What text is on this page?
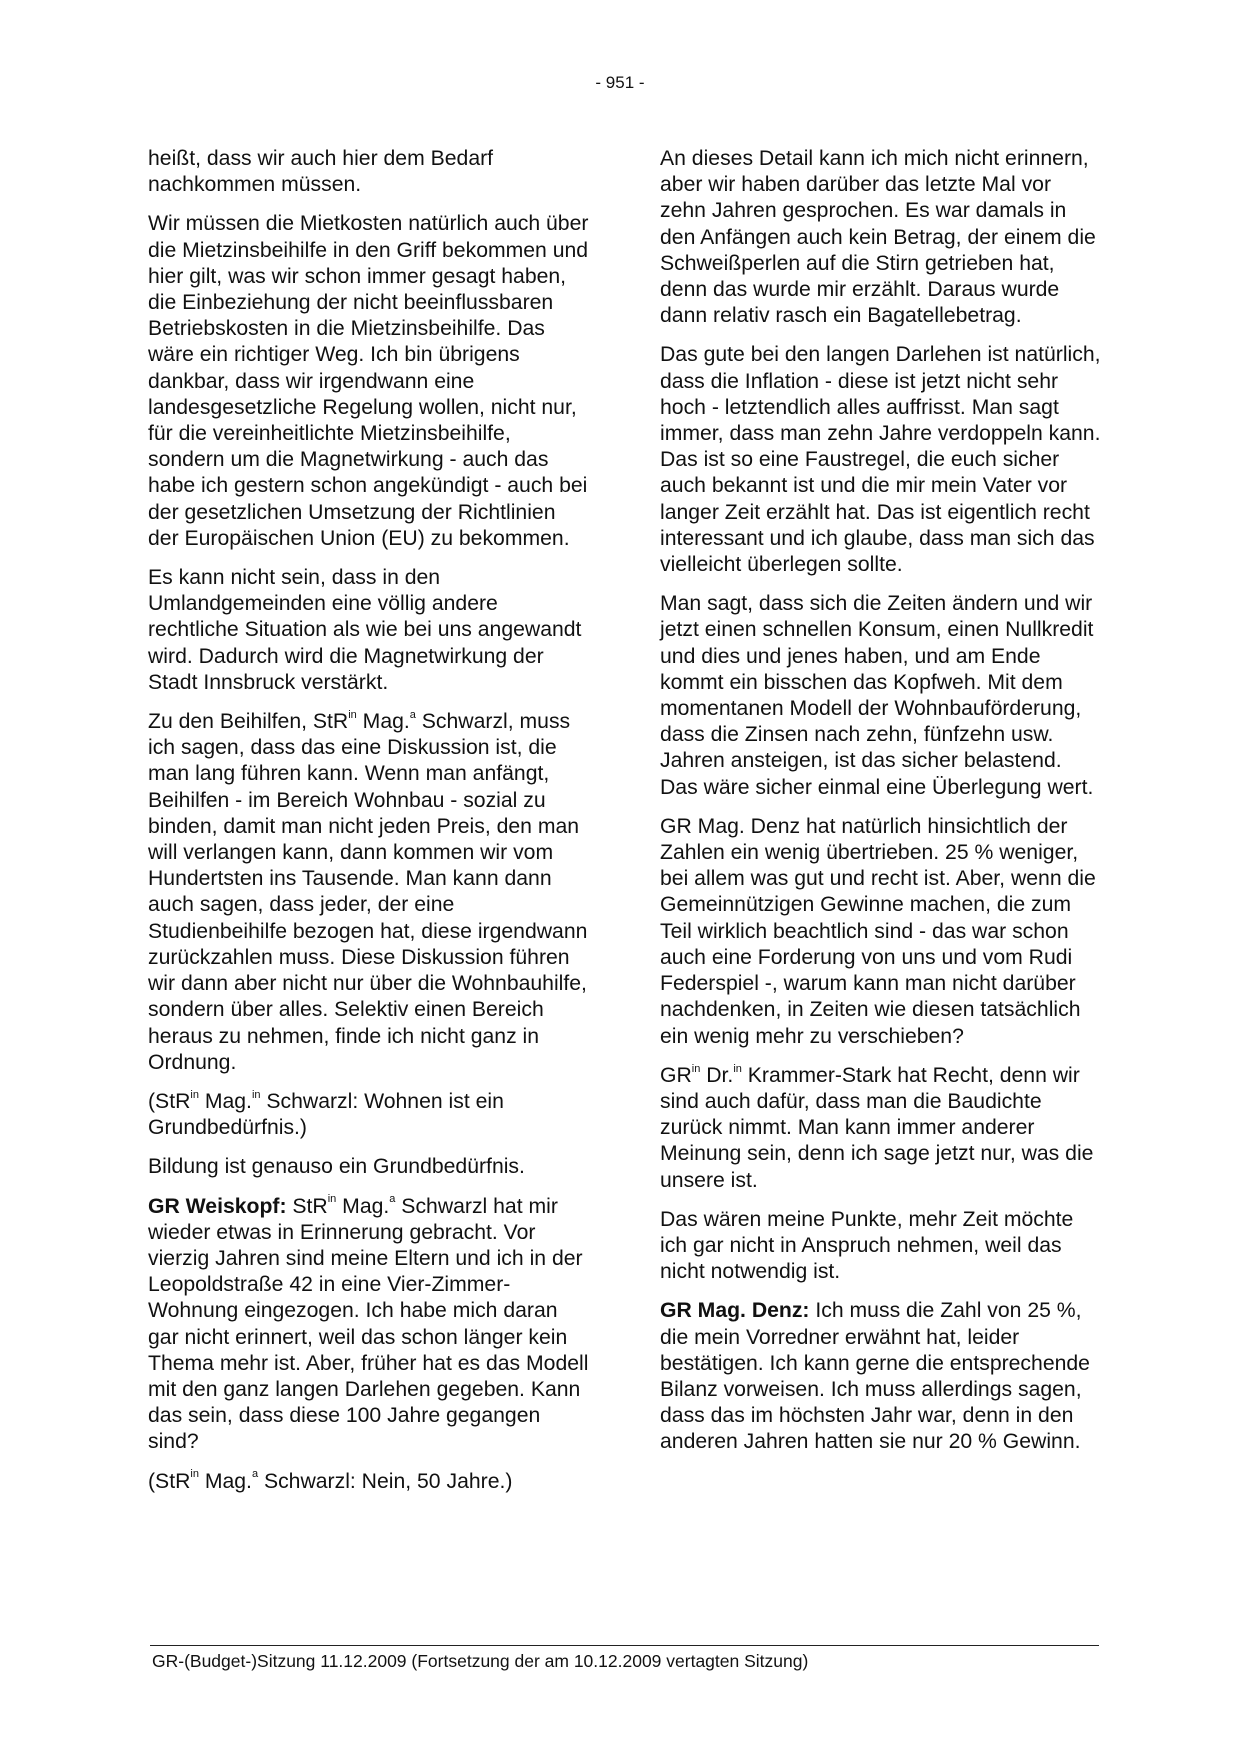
- 951 -

heißt, dass wir auch hier dem Bedarf nachkommen müssen.

Wir müssen die Mietkosten natürlich auch über die Mietzinsbeihilfe in den Griff bekommen und hier gilt, was wir schon immer gesagt haben, die Einbeziehung der nicht beeinflussbaren Betriebskosten in die Mietzinsbeihilfe. Das wäre ein richtiger Weg. Ich bin übrigens dankbar, dass wir irgendwann eine landesgesetzliche Regelung wollen, nicht nur, für die vereinheitlichte Mietzinsbeihilfe, sondern um die Magnetwirkung - auch das habe ich gestern schon angekündigt - auch bei der gesetzlichen Umsetzung der Richtlinien der Europäischen Union (EU) zu bekommen.

Es kann nicht sein, dass in den Umlandgemeinden eine völlig andere rechtliche Situation als wie bei uns angewandt wird. Dadurch wird die Magnetwirkung der Stadt Innsbruck verstärkt.

Zu den Beihilfen, StR$^{in}$ Mag.$^a$ Schwarzl, muss ich sagen, dass das eine Diskussion ist, die man lang führen kann. Wenn man anfängt, Beihilfen - im Bereich Wohnbau - sozial zu binden, damit man nicht jeden Preis, den man will verlangen kann, dann kommen wir vom Hundertsten ins Tausende. Man kann dann auch sagen, dass jeder, der eine Studienbeihilfe bezogen hat, diese irgendwann zurückzahlen muss. Diese Diskussion führen wir dann aber nicht nur über die Wohnbauhilfe, sondern über alles. Selektiv einen Bereich heraus zu nehmen, finde ich nicht ganz in Ordnung.

(StR$^{in}$ Mag.$^{in}$ Schwarzl: Wohnen ist ein Grundbedürfnis.)

Bildung ist genauso ein Grundbedürfnis.

GR Weiskopf: StR$^{in}$ Mag.$^a$ Schwarzl hat mir wieder etwas in Erinnerung gebracht. Vor vierzig Jahren sind meine Eltern und ich in der Leopoldstraße 42 in eine Vier-Zimmer-Wohnung eingezogen. Ich habe mich daran gar nicht erinnert, weil das schon länger kein Thema mehr ist. Aber, früher hat es das Modell mit den ganz langen Darlehen gegeben. Kann das sein, dass diese 100 Jahre gegangen sind?

(StR$^{in}$ Mag.$^a$ Schwarzl: Nein, 50 Jahre.)

An dieses Detail kann ich mich nicht erinnern, aber wir haben darüber das letzte Mal vor zehn Jahren gesprochen. Es war damals in den Anfängen auch kein Betrag, der einem die Schweißperlen auf die Stirn getrieben hat, denn das wurde mir erzählt. Daraus wurde dann relativ rasch ein Bagatellebetrag.

Das gute bei den langen Darlehen ist natürlich, dass die Inflation - diese ist jetzt nicht sehr hoch - letztendlich alles auffrisst. Man sagt immer, dass man zehn Jahre verdoppeln kann. Das ist so eine Faustregel, die euch sicher auch bekannt ist und die mir mein Vater vor langer Zeit erzählt hat. Das ist eigentlich recht interessant und ich glaube, dass man sich das vielleicht überlegen sollte.

Man sagt, dass sich die Zeiten ändern und wir jetzt einen schnellen Konsum, einen Nullkredit und dies und jenes haben, und am Ende kommt ein bisschen das Kopfweh. Mit dem momentanen Modell der Wohnbauförderung, dass die Zinsen nach zehn, fünfzehn usw. Jahren ansteigen, ist das sicher belastend. Das wäre sicher einmal eine Überlegung wert.

GR Mag. Denz hat natürlich hinsichtlich der Zahlen ein wenig übertrieben. 25 % weniger, bei allem was gut und recht ist. Aber, wenn die Gemeinnützigen Gewinne machen, die zum Teil wirklich beachtlich sind - das war schon auch eine Forderung von uns und vom Rudi Federspiel -, warum kann man nicht darüber nachdenken, in Zeiten wie diesen tatsächlich ein wenig mehr zu verschieben?

$GR^{in}$ Dr.$^{in}$ Krammer-Stark hat Recht, denn wir sind auch dafür, dass man die Baudichte zurück nimmt. Man kann immer anderer Meinung sein, denn ich sage jetzt nur, was die unsere ist.

Das wären meine Punkte, mehr Zeit möchte ich gar nicht in Anspruch nehmen, weil das nicht notwendig ist.

GR Mag. Denz: Ich muss die Zahl von 25 %, die mein Vorredner erwähnt hat, leider bestätigen. Ich kann gerne die entsprechende Bilanz vorweisen. Ich muss allerdings sagen, dass das im höchsten Jahr war, denn in den anderen Jahren hatten sie nur 20 % Gewinn.

GR-(Budget-)Sitzung 11.12.2009 (Fortsetzung der am 10.12.2009 vertagten Sitzung)
